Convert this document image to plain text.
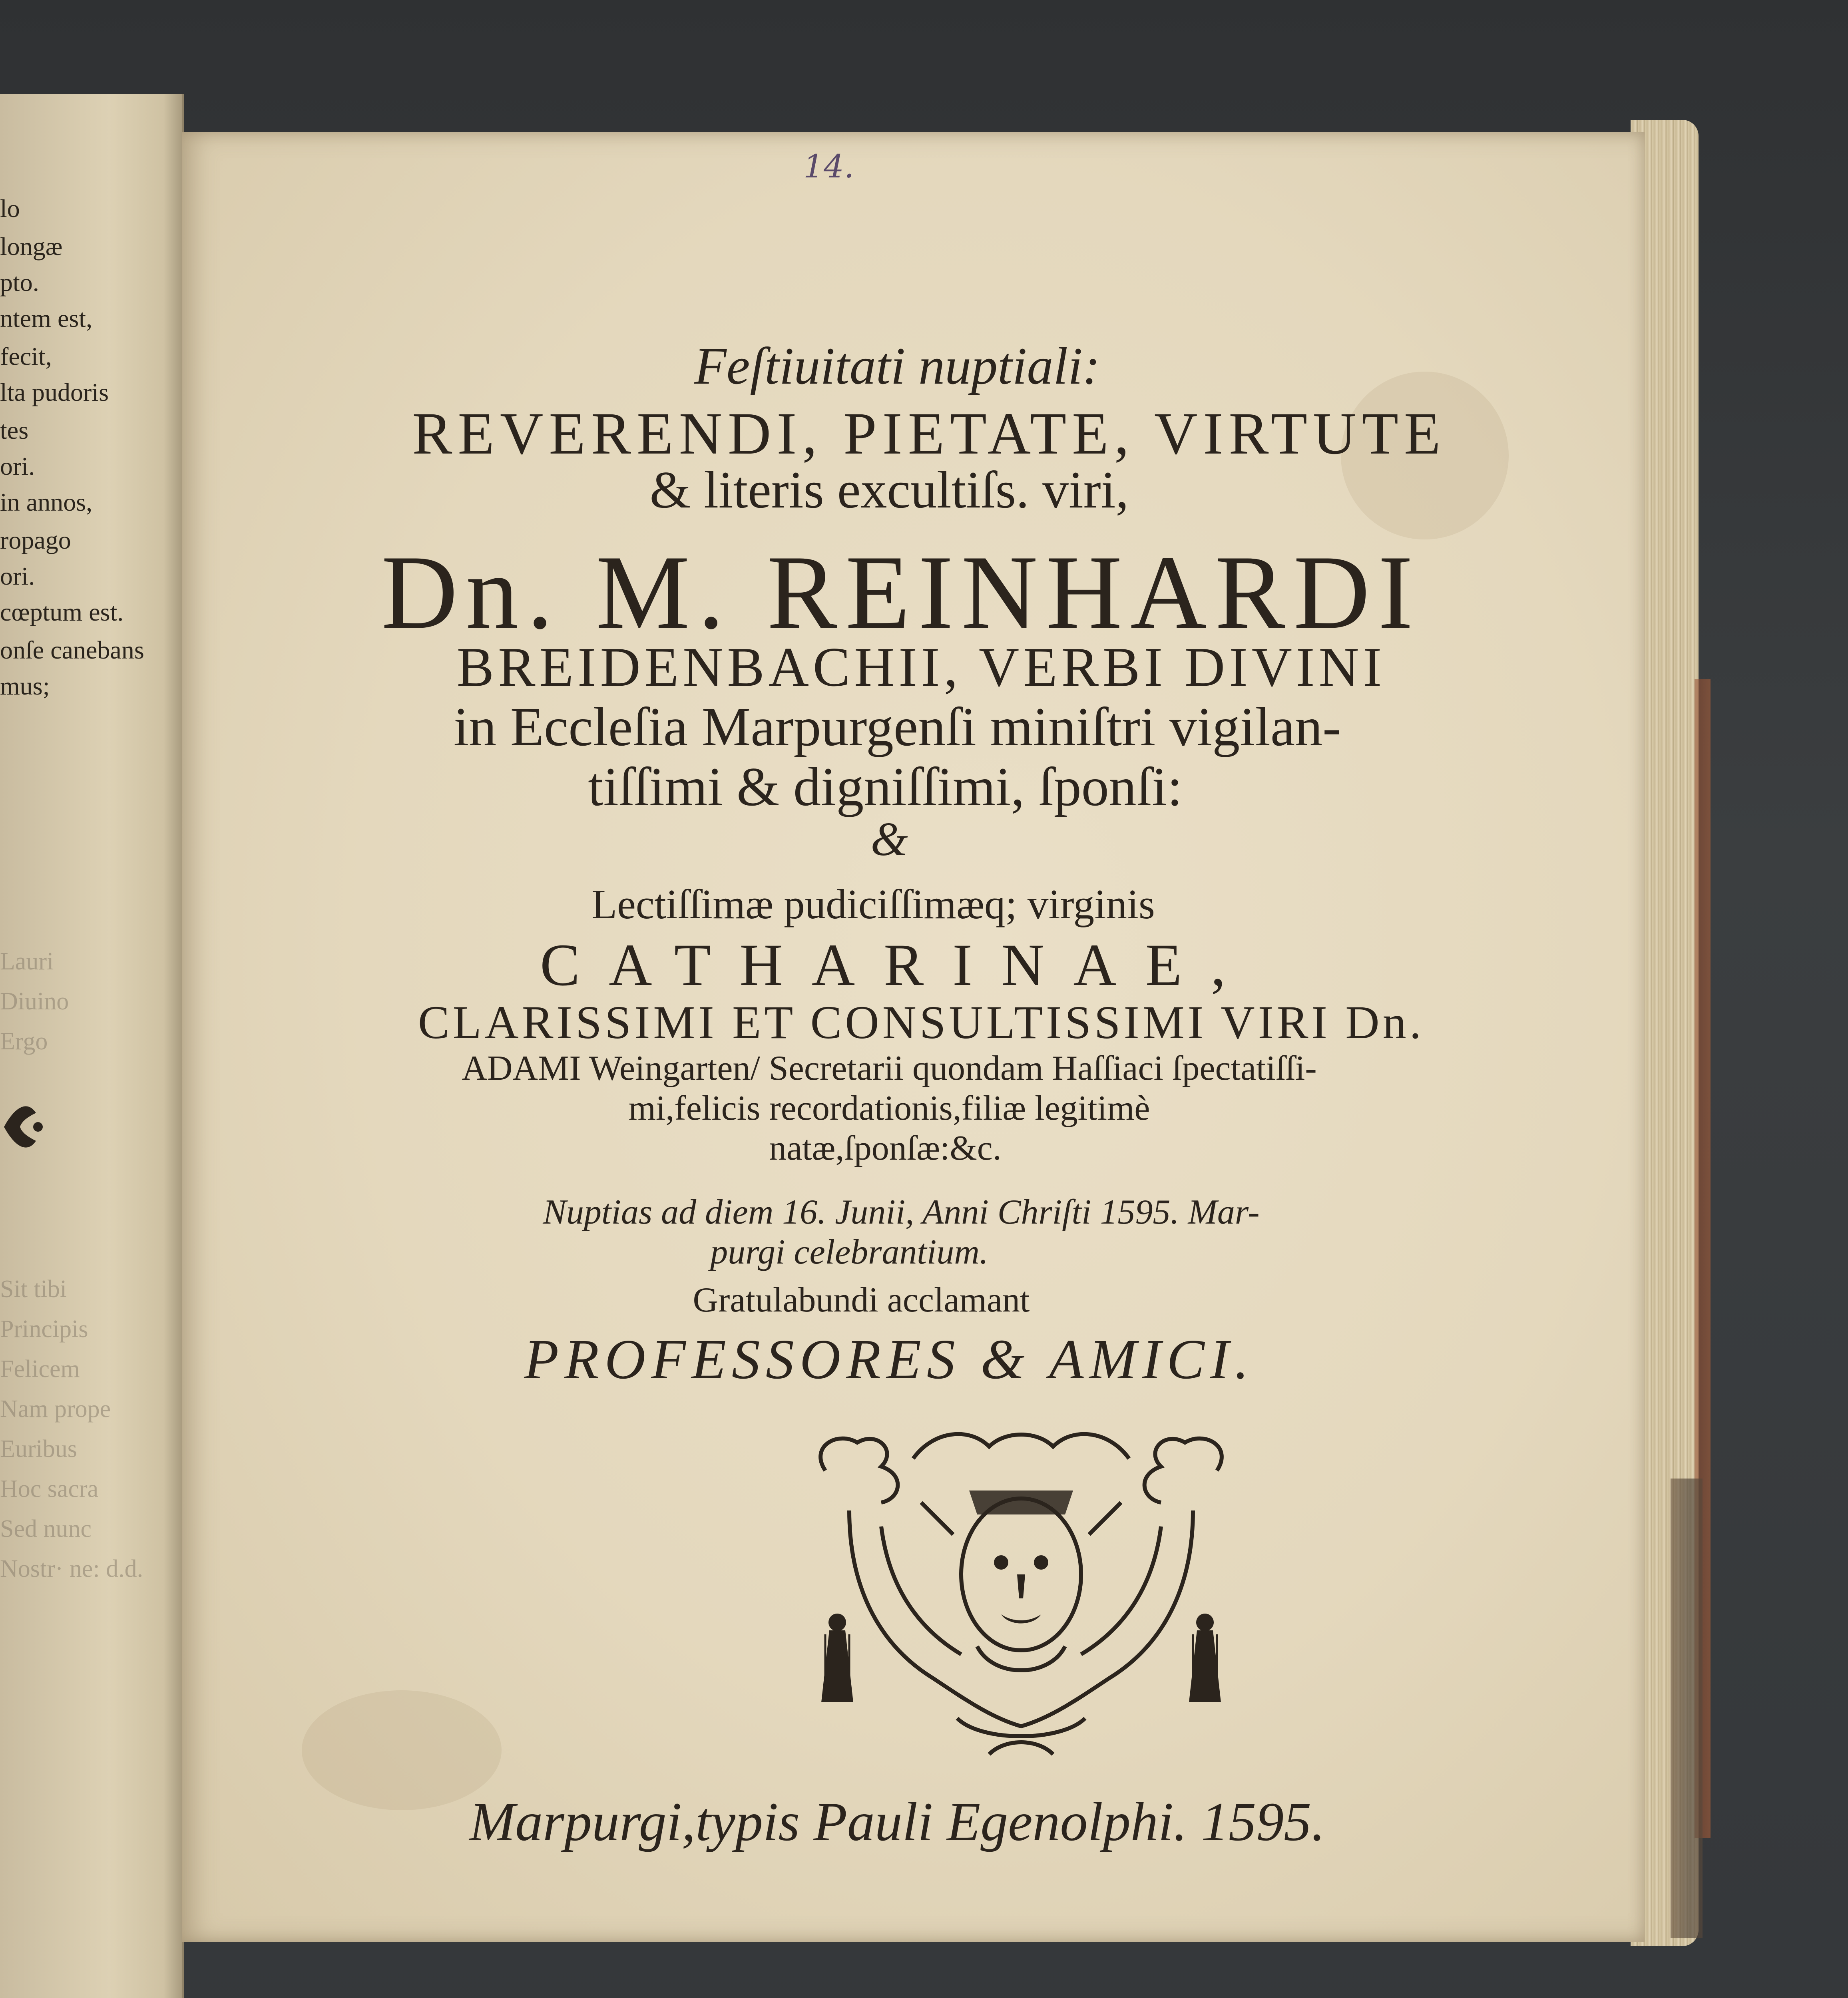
lo
longæ
pto.
ntem est,
fecit,
lta pudoris
tes
ori.
in annos,
ropago
ori.
cœptum est.
onſe canebans
mus;
Lauri
Diuino
Ergo
Sit tibi
Principis
Felicem
Nam prope
Euribus
Hoc sacra
Sed nunc
Nostr· ne: d.d.
Feſtiuitati nuptiali:
REVERENDI, PIETATE, VIRTUTE
& literis excultiſs. viri,
Dn. M. REINHARDI
BREIDENBACHII, VERBI DIVINI
in Eccleſia Marpurgenſi miniſtri vigilan-
tiſſimi & digniſſimi, ſponſi:
&
Lectiſſimæ pudiciſſimæq; virginis
CATHARINAE,
CLARISSIMI ET CONSULTISSIMI VIRI Dn.
ADAMI Weingarten/ Secretarii quondam Haſſiaci ſpectatiſſi-
mi,felicis recordationis,filiæ legitimè
natæ,ſponſæ:&c.
Nuptias ad diem 16. Junii, Anni Chriſti 1595. Mar-
purgi celebrantium.
Gratulabundi acclamant
PROFESSORES & AMICI.
Marpurgi,typis Pauli Egenolphi. 1595.
14.
